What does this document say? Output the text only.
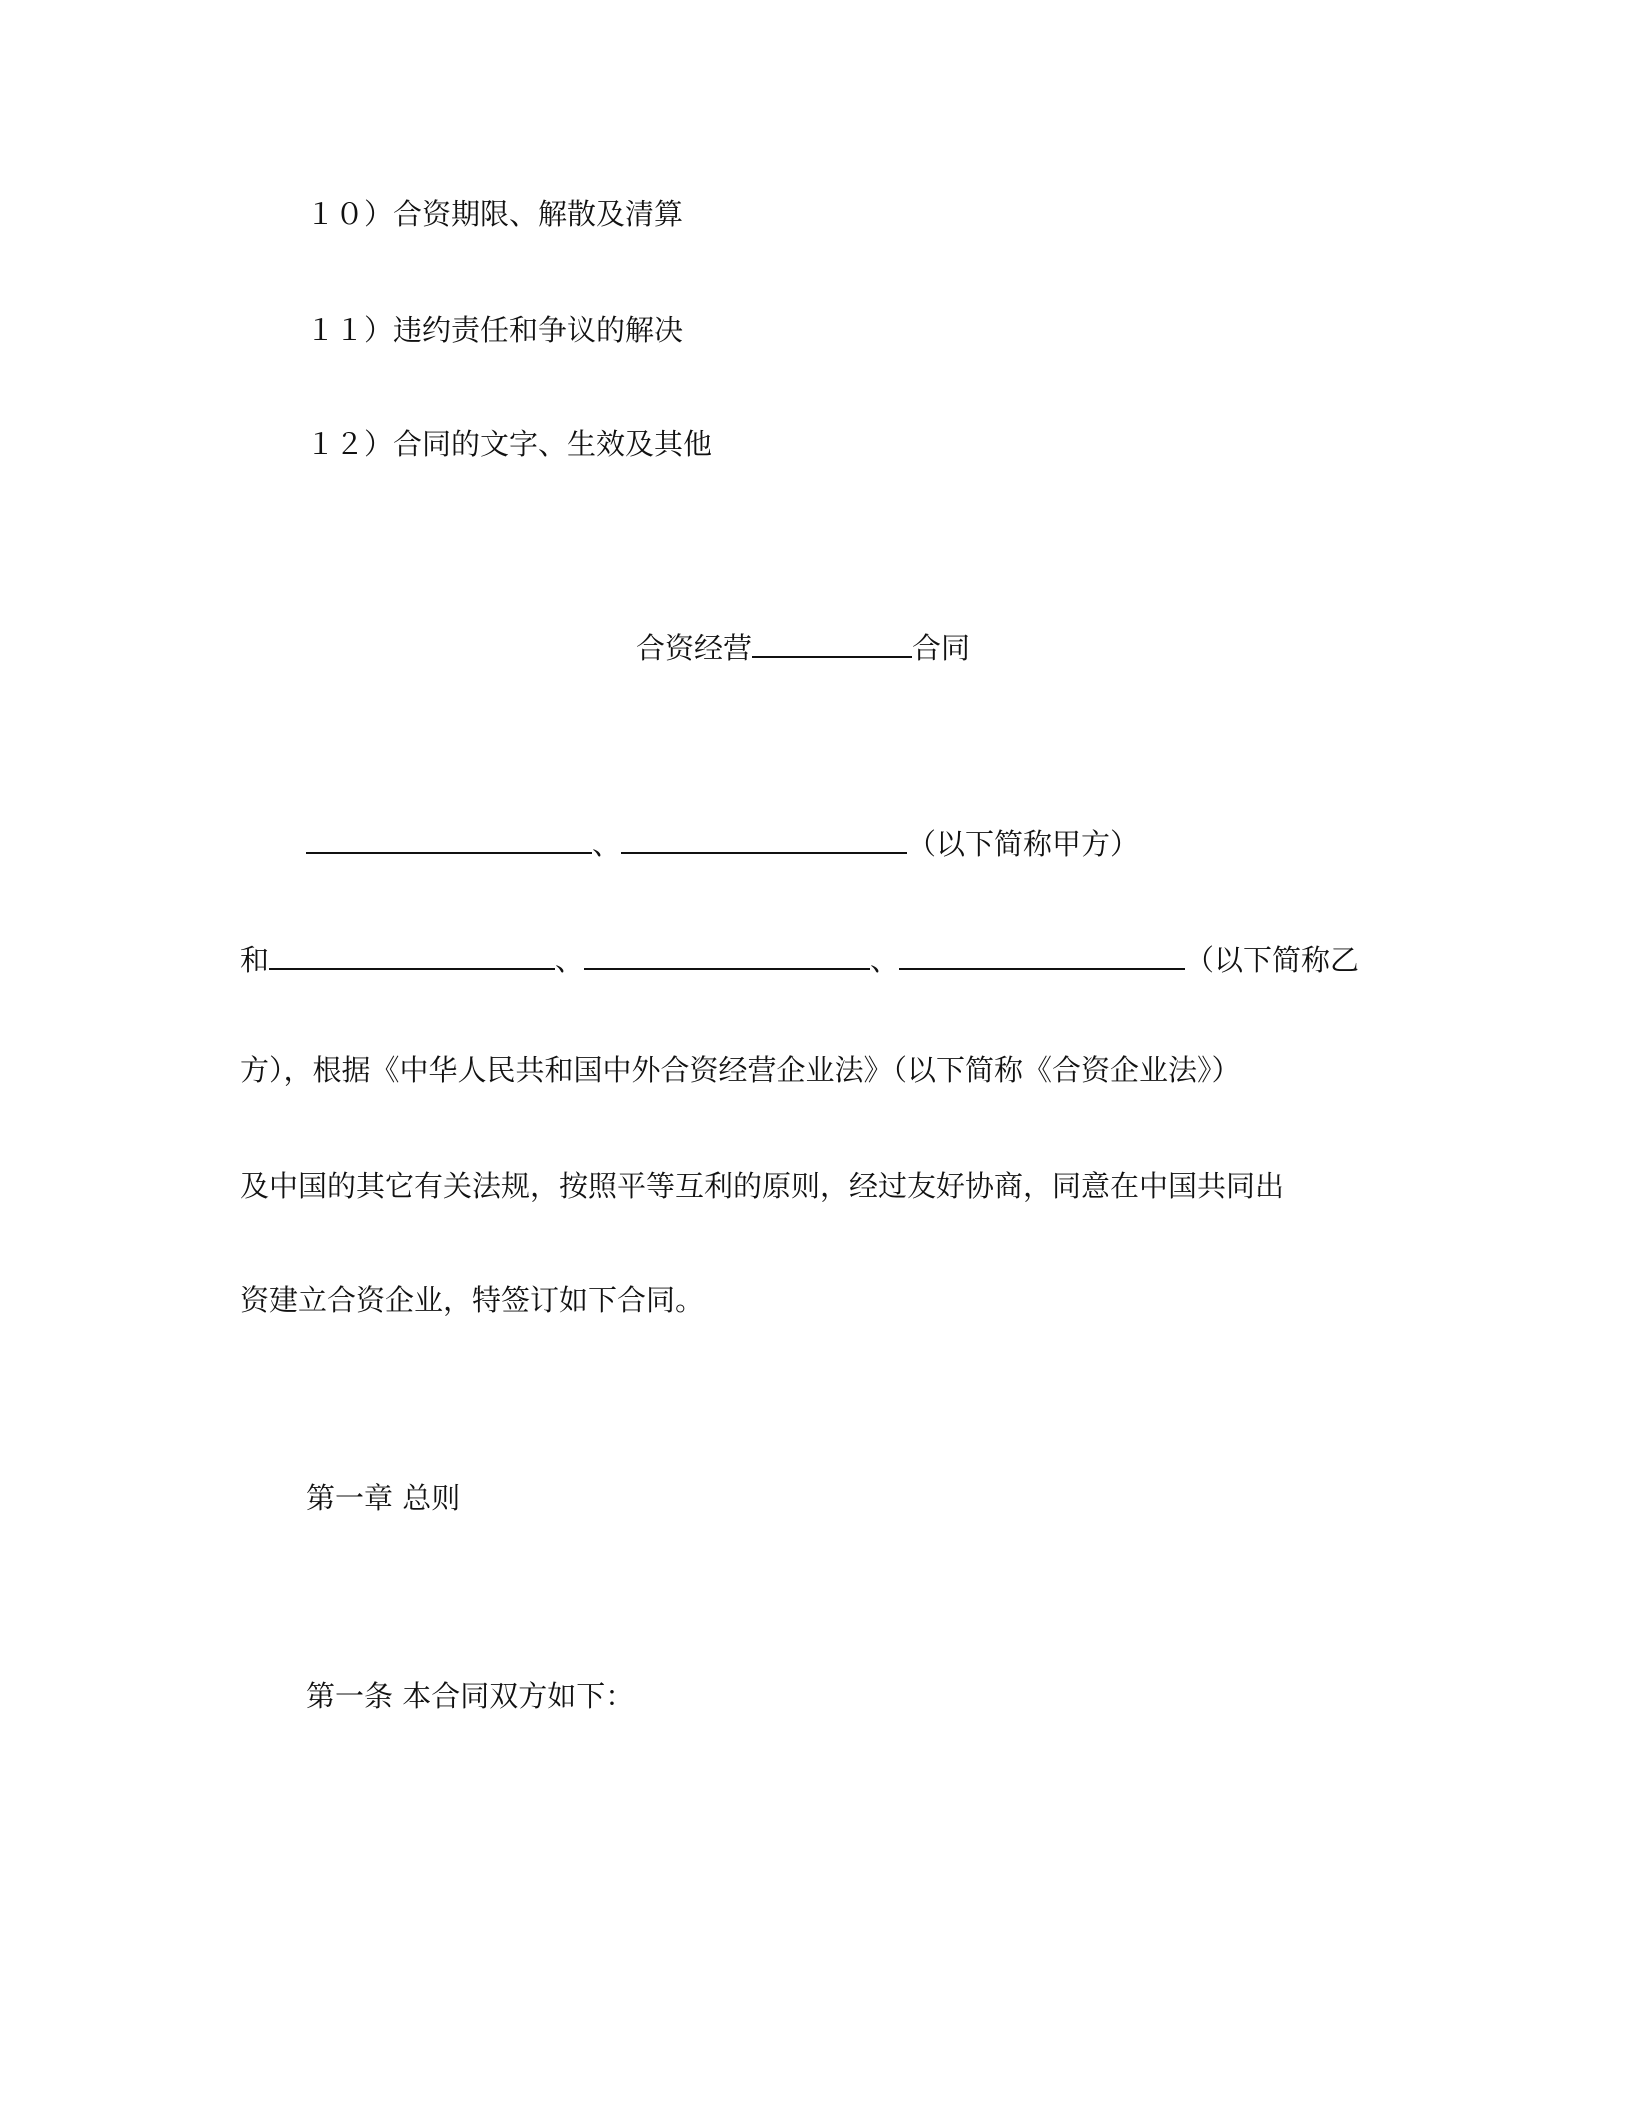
１０）合资期限、解散及清算
１１）违约责任和争议的解决
１２）合同的文字、生效及其他
合资经营	合同
、	（以下简称甲方）
和	、	、	（以下简称乙
方），根据《中华人民共和国中外合资经营企业法》（以下简称《合资企业法》）
及中国的其它有关法规，按照平等互利的原则，经过友好协商，同意在中国共同出
资建立合资企业，特签订如下合同。
第一章 总则
第一条 本合同双方如下：
